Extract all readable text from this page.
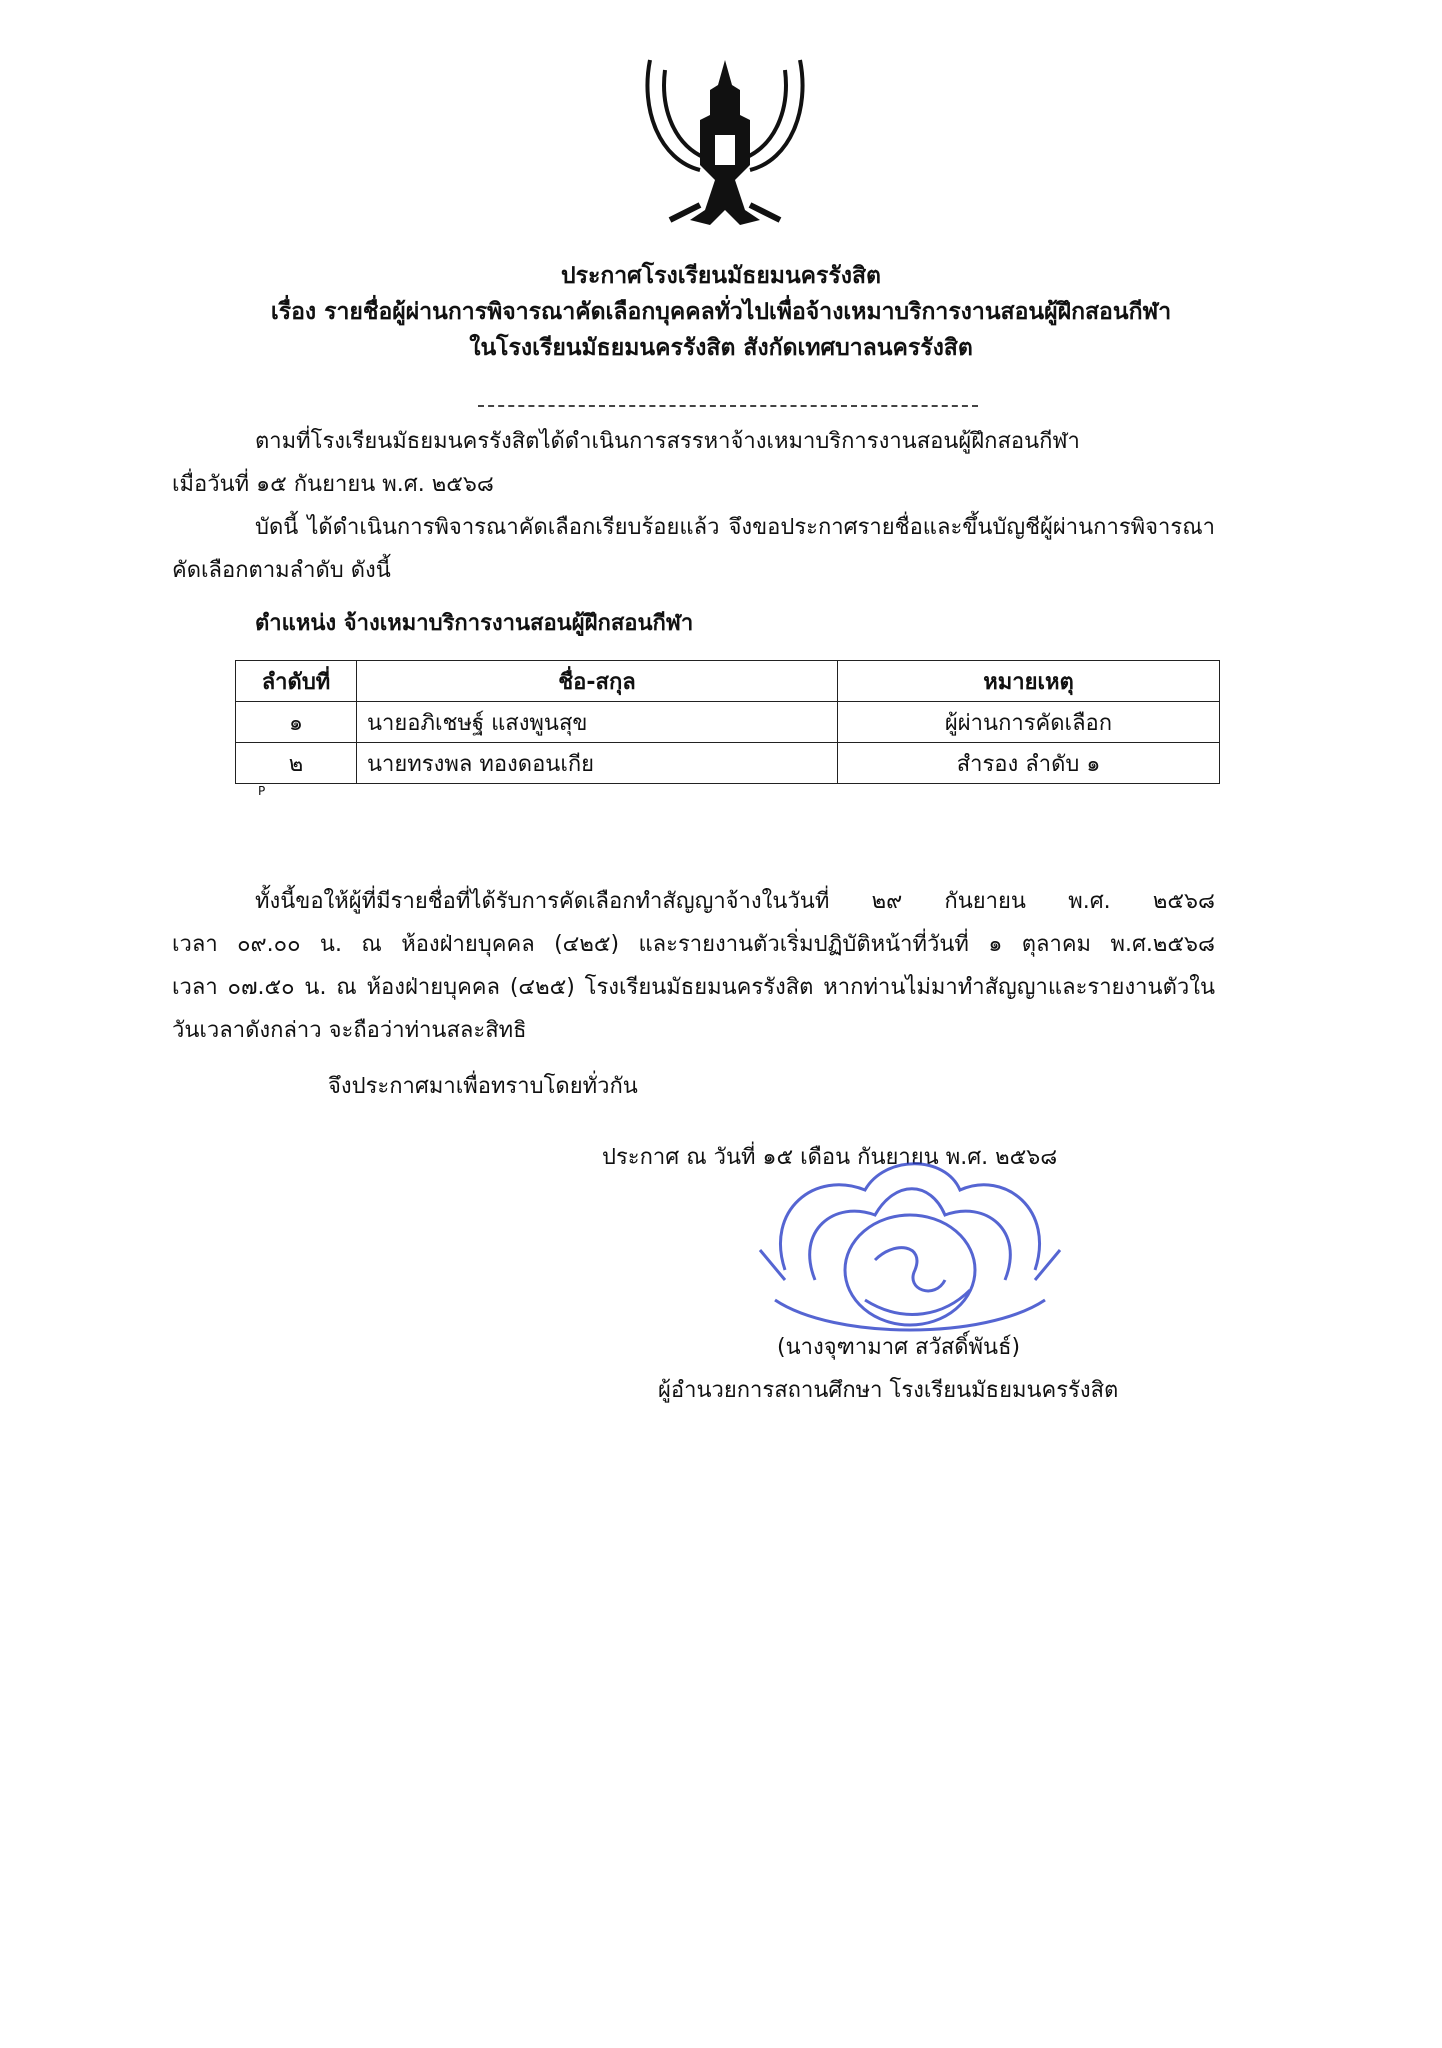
ประกาศโรงเรียนมัธยมนครรังสิต
เรื่อง รายชื่อผู้ผ่านการพิจารณาคัดเลือกบุคคลทั่วไปเพื่อจ้างเหมาบริการงานสอนผู้ฝึกสอนกีฬา
ในโรงเรียนมัธยมนครรังสิต สังกัดเทศบาลนครรังสิต
ตามที่โรงเรียนมัธยมนครรังสิตได้ดำเนินการสรรหาจ้างเหมาบริการงานสอนผู้ฝึกสอนกีฬา
เมื่อวันที่ ๑๕ กันยายน พ.ศ. ๒๕๖๘
บัดนี้ ได้ดำเนินการพิจารณาคัดเลือกเรียบร้อยแล้ว จึงขอประกาศรายชื่อและขึ้นบัญชีผู้ผ่านการพิจารณา
คัดเลือกตามลำดับ ดังนี้
ตำแหน่ง จ้างเหมาบริการงานสอนผู้ฝึกสอนกีฬา
ลำดับที่	ชื่อ-สกุล	หมายเหตุ
๑	นายอภิเชษฐ์ แสงพูนสุข	ผู้ผ่านการคัดเลือก
๒	นายทรงพล ทองดอนเกีย	สำรอง ลำดับ ๑
P
ทั้งนี้ขอให้ผู้ที่มีรายชื่อที่ได้รับการคัดเลือกทำสัญญาจ้างในวันที่ ๒๙ กันยายน พ.ศ. ๒๕๖๘
เวลา ๐๙.๐๐ น. ณ ห้องฝ่ายบุคคล (๔๒๕) และรายงานตัวเริ่มปฏิบัติหน้าที่วันที่ ๑ ตุลาคม พ.ศ.๒๕๖๘
เวลา ๐๗.๕๐ น. ณ ห้องฝ่ายบุคคล (๔๒๕) โรงเรียนมัธยมนครรังสิต หากท่านไม่มาทำสัญญาและรายงานตัวใน
วันเวลาดังกล่าว จะถือว่าท่านสละสิทธิ
จึงประกาศมาเพื่อทราบโดยทั่วกัน
ประกาศ ณ วันที่ ๑๕ เดือน กันยายน พ.ศ. ๒๕๖๘
(นางจุฑามาศ สวัสดิ์พันธ์)
ผู้อำนวยการสถานศึกษา โรงเรียนมัธยมนครรังสิต
